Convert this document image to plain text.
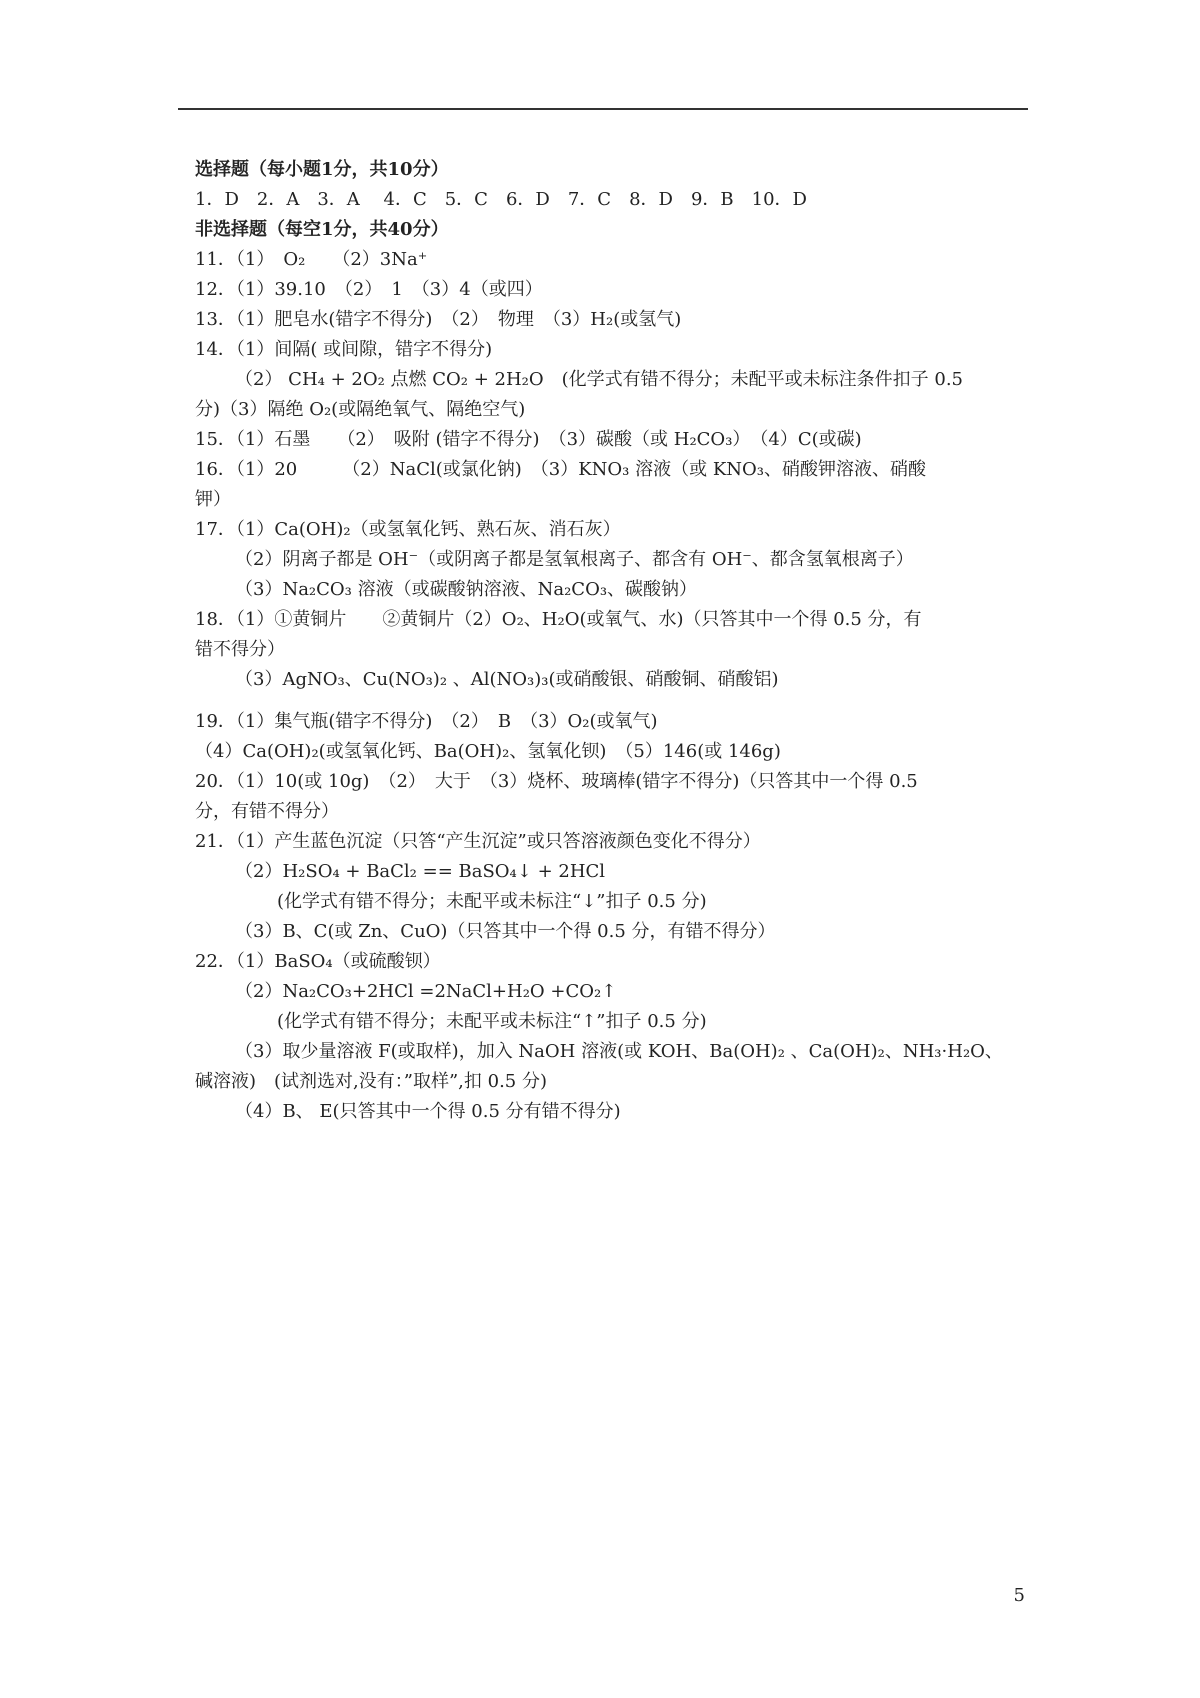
选择题（每小题1分，共10分）
1．D　2．A　3．A　 4．C　5．C　6．D　7．C　8．D　9．B　10．D
非选择题（每空1分，共40分）
11．（1）　O₂　　（2）3Na⁺
12．（1）39.10　（2）　1　（3）4（或四）
13．（1）肥皂水(错字不得分)　（2）　物理　（3）H₂(或氢气)
14．（1）间隔( 或间隙，错字不得分)
（2） CH₄ + 2O₂ 点燃 CO₂ + 2H₂O　(化学式有错不得分；未配平或未标注条件扣子 0.5
分)（3）隔绝 O₂(或隔绝氧气、隔绝空气)
15．（1）石墨　　（2）　吸附 (错字不得分)　（3）碳酸（或 H₂CO₃）　（4）C(或碳)
16．（1）20　　　（2）NaCl(或氯化钠)　（3）KNO₃ 溶液（或 KNO₃、硝酸钾溶液、硝酸
钾）
17．（1）Ca(OH)₂（或氢氧化钙、熟石灰、消石灰）
（2）阴离子都是 OH⁻（或阴离子都是氢氧根离子、都含有 OH⁻、都含氢氧根离子）
（3）Na₂CO₃ 溶液（或碳酸钠溶液、Na₂CO₃、碳酸钠）
18．（1）①黄铜片　　②黄铜片（2）O₂、H₂O(或氧气、水)（只答其中一个得 0.5 分，有
错不得分）
（3）AgNO₃、Cu(NO₃)₂ 、Al(NO₃)₃(或硝酸银、硝酸铜、硝酸铝)
19．（1）集气瓶(错字不得分)　（2）　B　（3）O₂(或氧气)
（4）Ca(OH)₂(或氢氧化钙、Ba(OH)₂、氢氧化钡)　（5）146(或 146g)
20．（1）10(或 10g)　（2）　大于　（3）烧杯、玻璃棒(错字不得分)（只答其中一个得 0.5
分，有错不得分）
21．（1）产生蓝色沉淀（只答“产生沉淀”或只答溶液颜色变化不得分）
（2）H₂SO₄ + BaCl₂ == BaSO₄↓ + 2HCl
(化学式有错不得分；未配平或未标注“↓”扣子 0.5 分)
（3）B、C(或 Zn、CuO)（只答其中一个得 0.5 分，有错不得分）
22．（1）BaSO₄（或硫酸钡）
（2）Na₂CO₃+2HCl =2NaCl+H₂O +CO₂↑
(化学式有错不得分；未配平或未标注“↑”扣子 0.5 分)
（3）取少量溶液 F(或取样)，加入 NaOH 溶液(或 KOH、Ba(OH)₂ 、Ca(OH)₂、NH₃·H₂O、
碱溶液)　(试剂选对,没有：”取样”,扣 0.5 分)
（4）B、 E(只答其中一个得 0.5 分有错不得分)
5
